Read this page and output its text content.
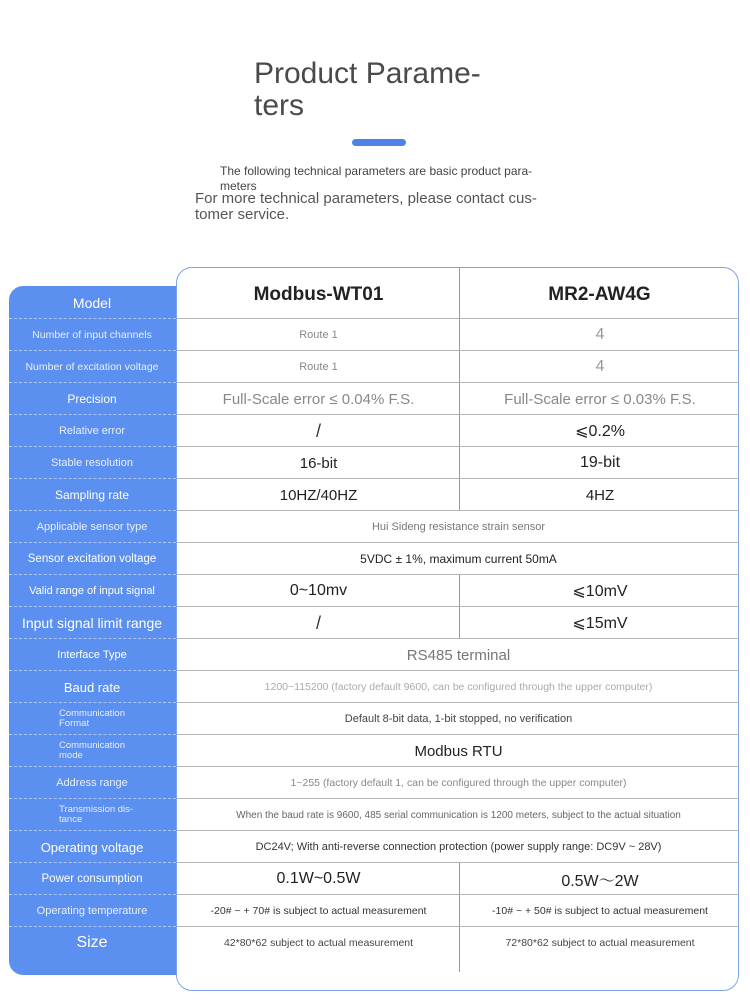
Product Parame-
ters
The following technical parameters are basic product para-
meters
For more technical parameters, please contact cus-
tomer service.
Model	Modbus-WT01	MR2-AW4G
Number of input channels	Route 1	4
Number of excitation voltage	Route 1	4
Precision	Full-Scale error ≤ 0.04% F.S.	Full-Scale error ≤ 0.03% F.S.
Relative error	/	⩽0.2%
Stable resolution	16-bit	19-bit
Sampling rate	10HZ/40HZ	4HZ
Applicable sensor type	Hui Sideng resistance strain sensor
Sensor excitation voltage	5VDC ± 1%, maximum current 50mA
Valid range of input signal	0~10mv	⩽10mV
Input signal limit range	/	⩽15mV
Interface Type	RS485 terminal
Baud rate	1200~115200 (factory default 9600, can be configured through the upper computer)
Communication
Format	Default 8-bit data, 1-bit stopped, no verification
Communication
mode	Modbus RTU
Address range	1~255 (factory default 1, can be configured through the upper computer)
Transmission dis-
tance	When the baud rate is 9600, 485 serial communication is 1200 meters, subject to the actual situation
Operating voltage	DC24V; With anti-reverse connection protection (power supply range: DC9V ~ 28V)
Power consumption	0.1W~0.5W	0.5W～2W
Operating temperature	-20# ~ + 70# is subject to actual measurement	-10# ~ + 50# is subject to actual measurement
Size	42*80*62 subject to actual measurement	72*80*62 subject to actual measurement
